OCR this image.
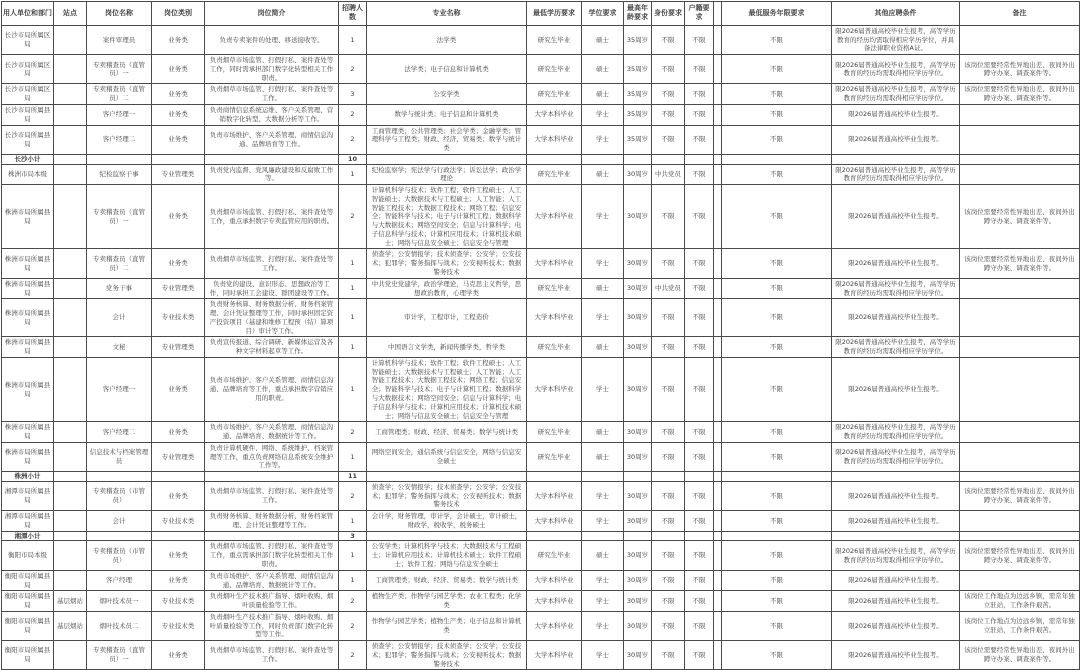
用人单位和部门	站点	岗位名称	岗位类别	岗位简介	招聘人数	专业名称	最低学历要求	学位要求	最高年龄要求	身份要求	户籍要求		最低服务年限要求	其他应聘条件	备注
长沙市局所属区局		案件审理员	业务类	负责专卖案件的处理、移送接收等。	1	法学类	研究生毕业	硕士	35周岁	不限	不限		不限	限2026届普通高校毕业生报考，高等学历教育的经历均需取得相应学历学位，并具备法律职业资格A证。	
长沙市局所属区局		专卖稽查员（直管员）一	业务类	负责烟草市场监管、打假打私、案件查处等工作，同时需承担部门数字化转型相关工作职责。	2	法学类；电子信息和计算机类	研究生毕业	硕士	35周岁	不限	不限		不限	限2026届普通高校毕业生报考，高等学历教育的经历均需取得相应学历学位。	该岗位需要经常性异地出差、夜间外出蹲守办案、调查案件等。
长沙市局所属区局		专卖稽查员（直管员）二	业务类	负责烟草市场监管、打假打私、案件查处等工作。	3	公安学类	研究生毕业	硕士	35周岁	不限	不限		不限	限2026届普通高校毕业生报考，高等学历教育的经历均需取得相应学历学位。	该岗位需要经常性异地出差、夜间外出蹲守办案、调查案件等。
长沙市局所属县局		客户经理一	业务类	负责商情信息系统运维、客户关系管理、营销数字化转型、大数据分析等工作。	2	数学与统计类；电子信息和计算机类	大学本科毕业	学士	35周岁	不限	不限		不限	限2026届普通高校毕业生报考。	
长沙市局所属县局		客户经理二	业务类	负责市场维护、客户关系管理、商情信息沟通、品牌培育等工作。	2	工商管理类；公共管理类；社会学类；金融学类；管理科学与工程类；财政、经济、贸易类；数学与统计类	大学本科毕业	学士	35周岁	不限	不限		不限	限2026届普通高校毕业生报考。	
长沙小计					10										
株洲市局本级		纪检监察干事	专业管理类	负责党内监督、党风廉政建设和反腐败工作等。	1	纪检监察学；宪法学与行政法学；诉讼法学；政治学理论	研究生毕业	硕士	30周岁	中共党员	不限		不限	限2026届普通高校毕业生报考，高等学历教育的经历均需取得相应学历学位。	
株洲市局所属县局		专卖稽查员（直管员）一	业务类	负责烟草市场监管、打假打私、案件查处等工作，重点承担数字专卖监管应用的职责。	2	计算机科学与技术；软件工程；软件工程硕士；人工智能硕士；大数据技术与工程硕士；人工智能；人工智能工程技术；大数据工程技术；网络工程；信息安全；智能科学与技术；电子与计算机工程；数据科学与大数据技术；网络空间安全；信息与计算科学；电子信息科学与技术；计算机应用技术；计算机技术硕士；网络与信息安全硕士；信息安全与管理	大学本科毕业	学士	30周岁	不限	不限		不限	限2026届普通高校毕业生报考。	该岗位需要经常性异地出差、夜间外出蹲守办案、调查案件等。
株洲市局所属县局		专卖稽查员（直管员）二	业务类	负责烟草市场监管、打假打私、案件查处等工作。	1	侦查学；公安情报学；技术侦查学；公安学；公安技术；犯罪学；警务指挥与战术；公安视听技术；数据警务技术	大学本科毕业	学士	30周岁	不限	不限		不限	限2026届普通高校毕业生报考。	该岗位需要经常性异地出差、夜间外出蹲守办案、调查案件等。
株洲市局所属县局		党务干事	专业管理类	负责党的建设、意识形态、思想政治等工作，同时承担工会建设、群团建设等工作。	1	中共党史党建学，政治学理论，马克思主义哲学，思想政治教育，心理学类	研究生毕业	硕士	30周岁	中共党员	不限		不限	限2026届普通高校毕业生报考，高等学历教育的经历均需取得相应学历学位。	
株洲市局所属县局		会计	专业技术类	负责财务核算、财务数据分析、财务档案管理、会计凭证整理等工作，同时承担固定资产投资项目（基建和维修工程预（结）算项目）审计等工作。	1	审计学，工程审计，工程造价	大学本科毕业	学士	30周岁	不限	不限		不限	限2026届普通高校毕业生报考。	
株洲市局所属县局		文秘	专业管理类	负责宣传报道、综合调研、新媒体运营及各种文字材料起草等工作。	1	中国语言文学类，新闻传播学类，哲学类	研究生毕业	硕士	30周岁	不限	不限		不限	限2026届普通高校毕业生报考，高等学历教育的经历均需取得相应学历学位。	
株洲市局所属县局		客户经理一	业务类	负责市场维护、客户关系管理、商情信息沟通、品牌培育等工作，重点承担数字营销应用的职责。	1	计算机科学与技术；软件工程；软件工程硕士；人工智能硕士；大数据技术与工程硕士；人工智能；人工智能工程技术；大数据工程技术；网络工程；信息安全；智能科学与技术；电子与计算机工程；数据科学与大数据技术；网络空间安全；信息与计算科学；电子信息科学与技术；计算机应用技术；计算机技术硕士；网络与信息安全硕士；信息安全与管理	大学本科毕业	学士	30周岁	不限	不限		不限	限2026届普通高校毕业生报考。	
株洲市局所属县局		客户经理二	业务类	负责市场维护、客户关系管理、商情信息沟通、品牌培育、数据统计等工作。	2	工商管理类；财政、经济、贸易类；数学与统计类	研究生毕业	硕士	30周岁	不限	不限		不限	限2026届普通高校毕业生报考，高等学历教育的经历均需取得相应学历学位。	
株洲市局所属县局		信息技术与档案管理员	专业管理类	负责计算机硬件、网络、系统维护、档案管理等工作，重点负责网络信息系统安全维护工作等。	1	网络空间安全，通信系统与信息安全，网络与信息安全硕士	研究生毕业	硕士	30周岁	不限	不限		不限	限2026届普通高校毕业生报考，高等学历教育的经历均需取得相应学历学位。	
株洲小计					11										
湘潭市局所属县局		专卖稽查员（市管员）	业务类	负责烟草市场监管、打假打私、案件查处等工作。	2	侦查学；公安情报学；技术侦查学；公安学；公安技术；犯罪学；警务指挥与战术；公安视听技术；数据警务技术	大学本科毕业	学士	30周岁	不限	不限		不限	限2026届普通高校毕业生报考。	该岗位需要经常性异地出差、夜间外出蹲守办案、调查案件等。
湘潭市局所属县局		会计	专业技术类	负责财务核算、财务数据分析、财务档案管理、会计凭证整理等工作。	1	会计学，财务管理，审计学，会计硕士，审计硕士，财政学，税收学，税务硕士	大学本科毕业	学士	30周岁	不限	不限		不限	限2026届普通高校毕业生报考。	
湘潭小计					3										
衡阳市局本级		专卖稽查员（市管员）	业务类	负责烟草市场监管、打假打私、案件查处等工作，重点需承担部门数字化转型相关工作职责。	1	公安学类；计算机科学与技术；大数据技术与工程硕士；计算机应用技术；计算机技术硕士；软件工程硕士；软件工程；网络与信息安全硕士	研究生毕业	硕士	30周岁	不限	不限		不限	限2026届普通高校毕业生报考，高等学历教育的经历均需取得相应学历学位。	该岗位需要经常性异地出差、夜间外出蹲守办案、调查案件等。
衡阳市局所属县局		客户经理	业务类	负责市场维护、客户关系管理、商情信息沟通、品牌培育、数据统计等工作。	1	工商管理类；财政、经济、贸易类；数学与统计类	大学本科毕业	学士	30周岁	不限	不限		不限	限2026届普通高校毕业生报考。	
衡阳市局所属县局	基层烟站	烟叶技术员一	专业技术类	负责烟叶生产技术推广指导、烟叶收购、烟叶质量检验等工作。	2	植物生产类；作物学与园艺学类；农业工程类；化学类	大学本科毕业	学士	30周岁	不限	不限		不限	限2026届普通高校毕业生报考。	该岗位工作地点为边远乡镇，需常年独立驻站，工作条件艰苦。
衡阳市局所属县局	基层烟站	烟叶技术员二	专业技术类	负责烟叶生产技术推广指导、烟叶收购、烟叶质量检验等工作，同时负责部门数字化转型等工作。	2	作物学与园艺学类；植物生产类；电子信息和计算机类	大学本科毕业	学士	30周岁	不限	不限		不限	限2026届普通高校毕业生报考。	该岗位工作地点为边远乡镇，需常年独立驻站，工作条件艰苦。
衡阳市局所属县局		专卖稽查员（直管员）一	业务类	负责烟草市场监管、打假打私、案件查处等工作。	2	侦查学；公安情报学；技术侦查学；公安学；公安技术；犯罪学；警务指挥与战术；公安视听技术；数据警务技术	大学本科毕业	学士	30周岁	不限	不限		不限	限2026届普通高校毕业生报考。	该岗位需要经常性异地出差、夜间外出蹲守办案、调查案件等。
